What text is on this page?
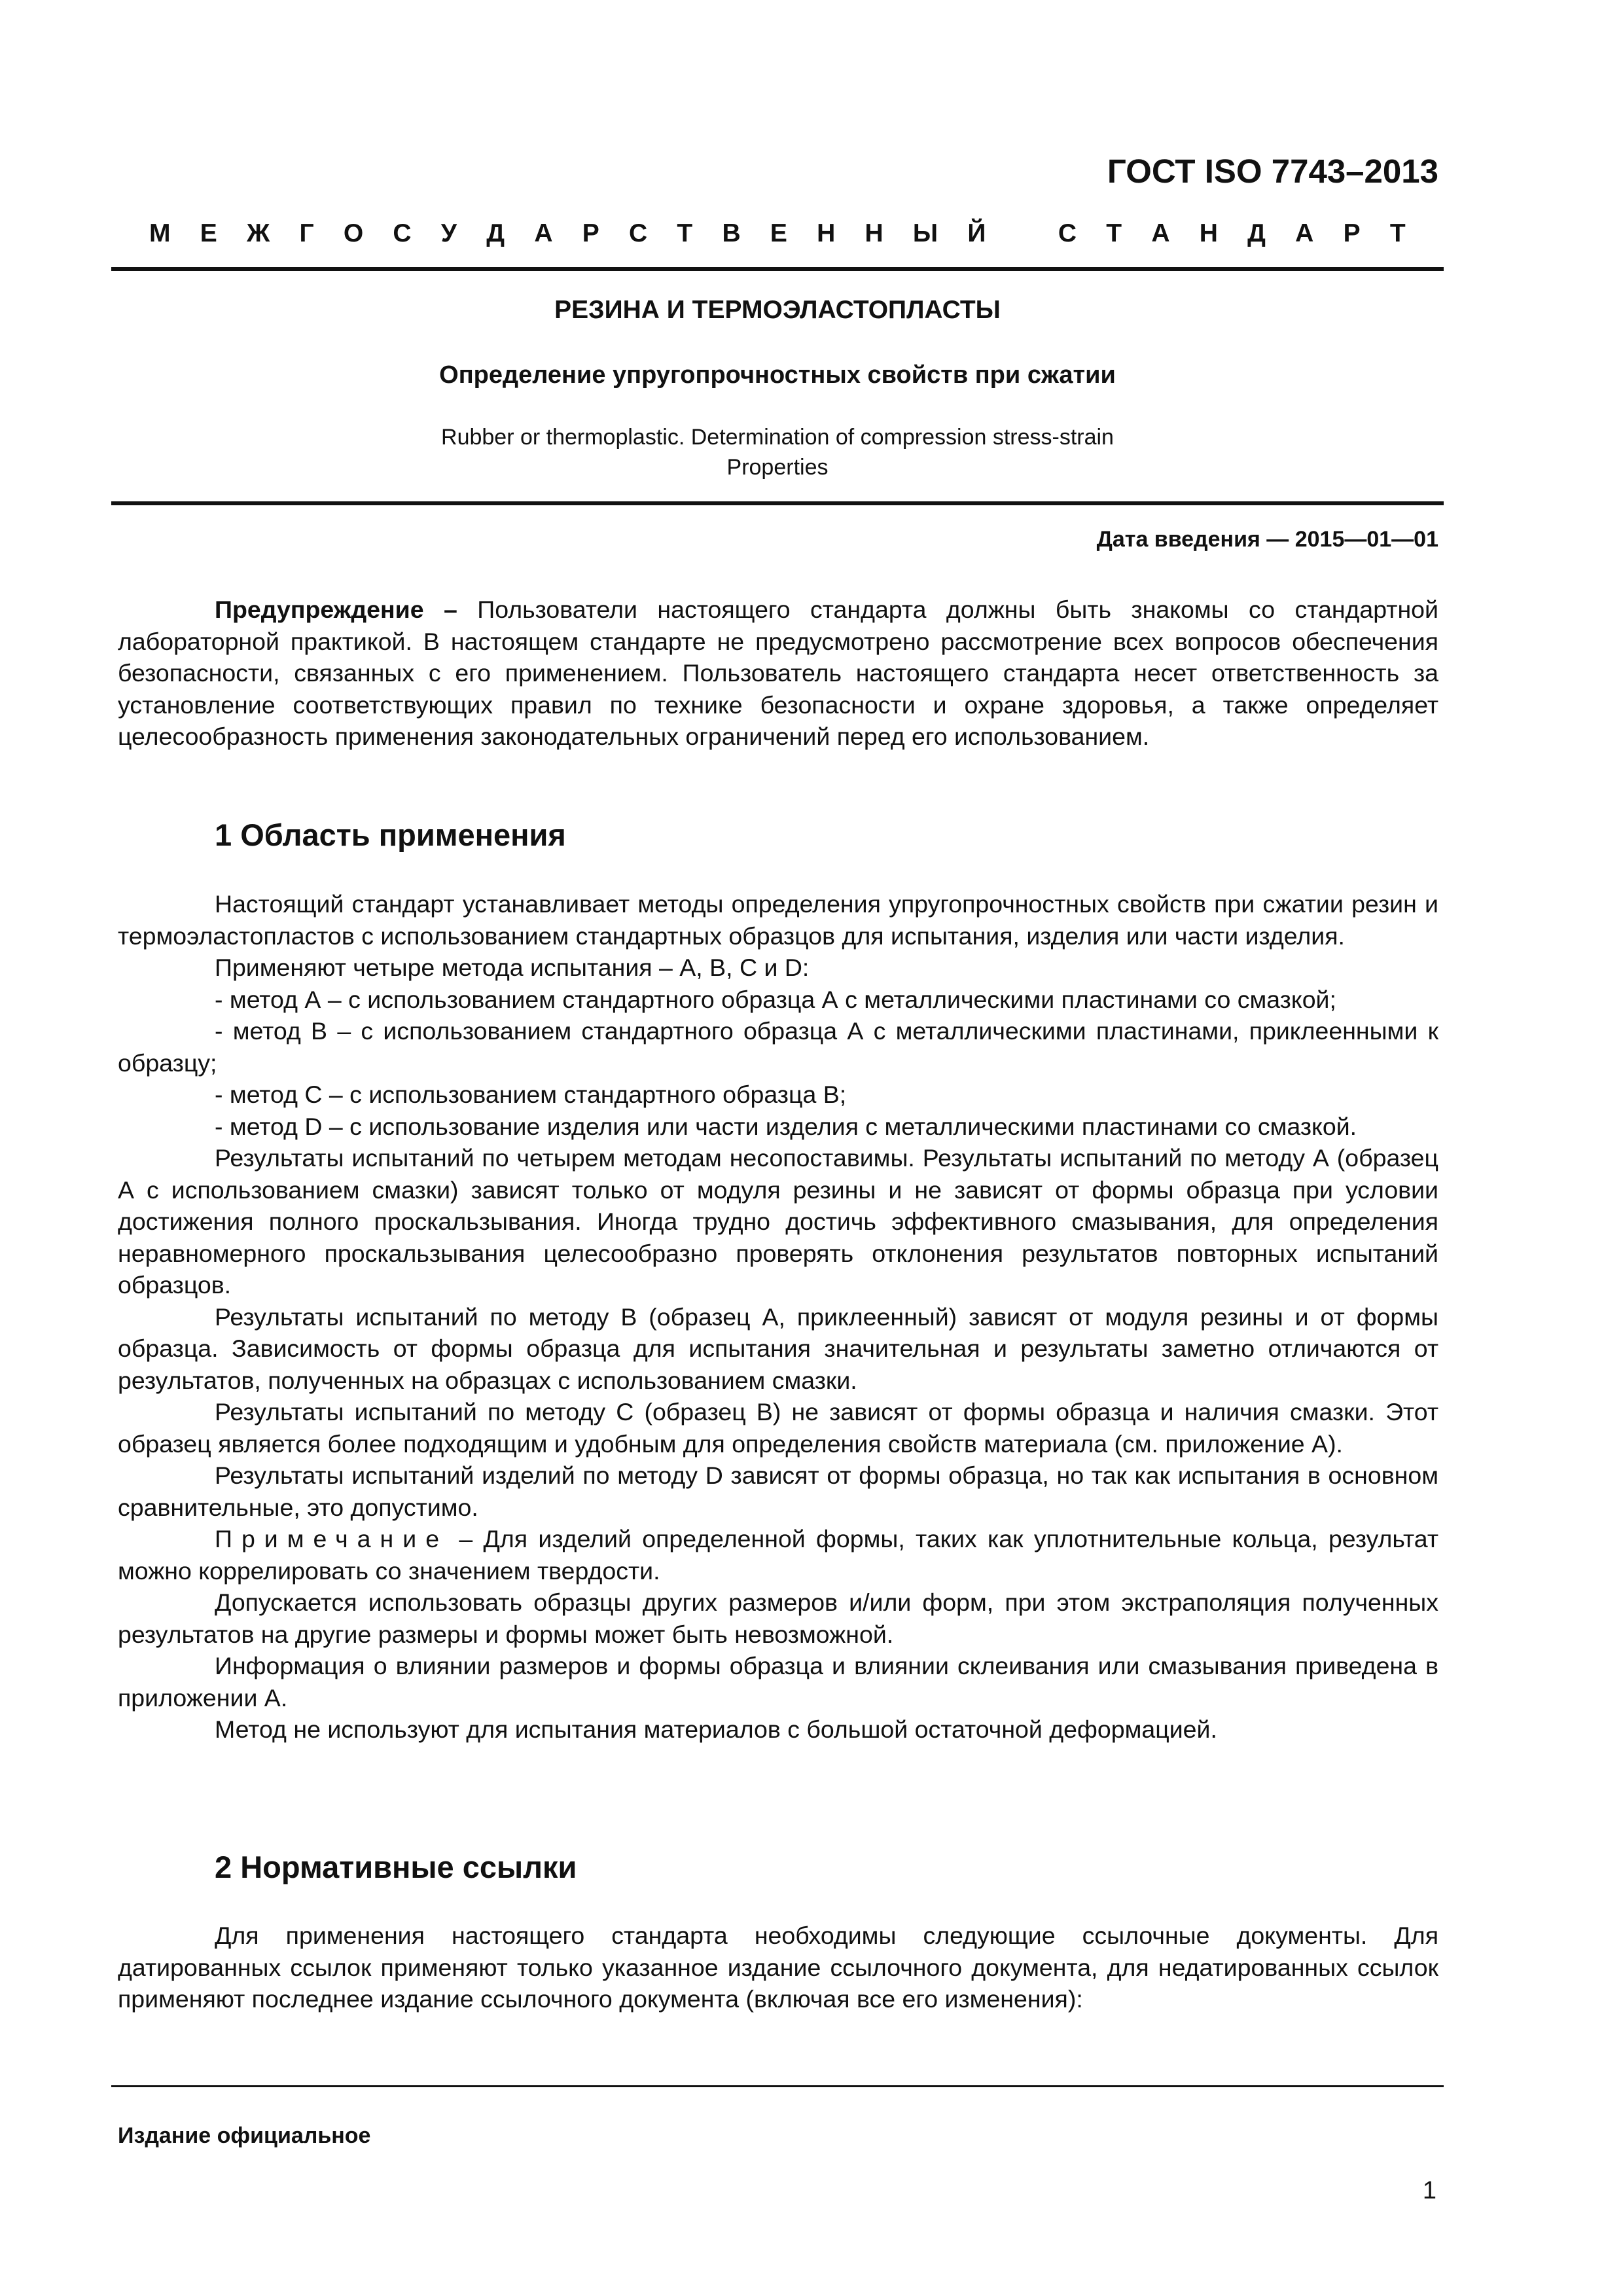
ГОСТ ISO 7743–2013
М Е Ж Г О С У Д А Р С Т В Е Н Н Ы Й	С Т А Н Д А Р Т
РЕЗИНА И ТЕРМОЭЛАСТОПЛАСТЫ
Определение упругопрочностных свойств при сжатии
Rubber or thermoplastic. Determination of compression stress-strain
Properties
Дата введения — 2015—01—01

Предупреждение – Пользователи настоящего стандарта должны быть знакомы со стандартной лабораторной практикой. В настоящем стандарте не предусмотрено рассмотрение всех вопросов обеспечения безопасности, связанных с его применением. Пользователь настоящего стандарта несет ответственность за установление соответствующих правил по технике безопасности и охране здоровья, а также определяет целесообразность применения законодательных ограничений перед его использованием.

1 Область применения

Настоящий стандарт устанавливает методы определения упругопрочностных свойств при сжатии резин и термоэластопластов с использованием стандартных образцов для испытания, изделия или части изделия.

Применяют четыре метода испытания – А, В, С и D:

- метод А – с использованием стандартного образца А с металлическими пластинами со смазкой;

- метод В – с использованием стандартного образца А с металлическими пластинами, приклеенными к образцу;

- метод С – с использованием стандартного образца В;

- метод D – с использование изделия или части изделия с металлическими пластинами со смазкой.

Результаты испытаний по четырем методам несопоставимы. Результаты испытаний по методу А (образец А с использованием смазки) зависят только от модуля резины и не зависят от формы образца при условии достижения полного проскальзывания. Иногда трудно достичь эффективного смазывания, для определения неравномерного проскальзывания целесообразно проверять отклонения результатов повторных испытаний образцов.

Результаты испытаний по методу В (образец А, приклеенный) зависят от модуля резины и от формы образца. Зависимость от формы образца для испытания значительная и результаты заметно отличаются от результатов, полученных на образцах с использованием смазки.

Результаты испытаний по методу С (образец В) не зависят от формы образца и наличия смазки. Этот образец является более подходящим и удобным для определения свойств материала (см. приложение А).

Результаты испытаний изделий по методу D зависят от формы образца, но так как испытания в основном сравнительные, это допустимо.

Примечание – Для изделий определенной формы, таких как уплотнительные кольца, результат можно коррелировать со значением твердости.

Допускается использовать образцы других размеров и/или форм, при этом экстраполяция полученных результатов на другие размеры и формы может быть невозможной.

Информация о влиянии размеров и формы образца и влиянии склеивания или смазывания приведена в приложении А.

Метод не используют для испытания материалов с большой остаточной деформацией.

2 Нормативные ссылки

Для применения настоящего стандарта необходимы следующие ссылочные документы. Для датированных ссылок применяют только указанное издание ссылочного документа, для недатированных ссылок применяют последнее издание ссылочного документа (включая все его изменения):

Издание официальное
1
